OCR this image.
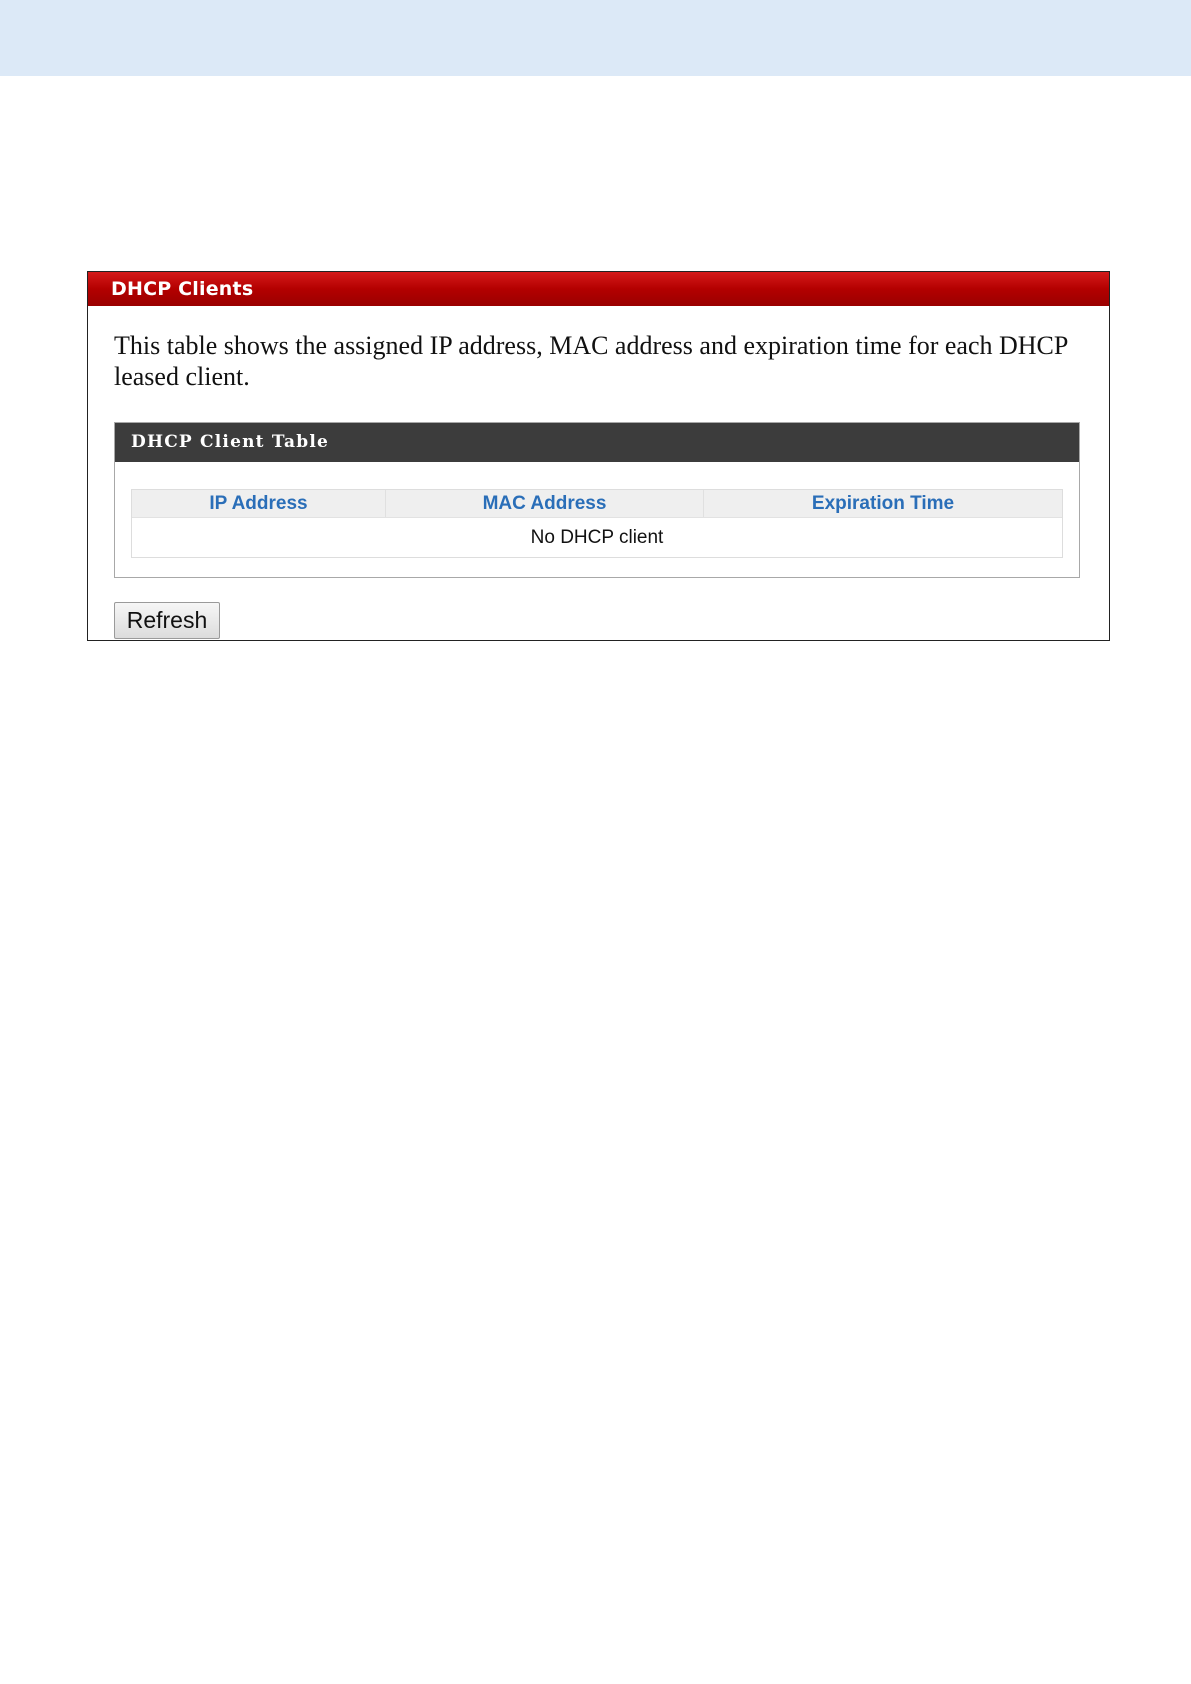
DHCP Clients
This table shows the assigned IP address, MAC address and expiration time for each DHCP leased client.
DHCP Client Table
IP Address	MAC Address	Expiration Time
No DHCP client
Refresh
